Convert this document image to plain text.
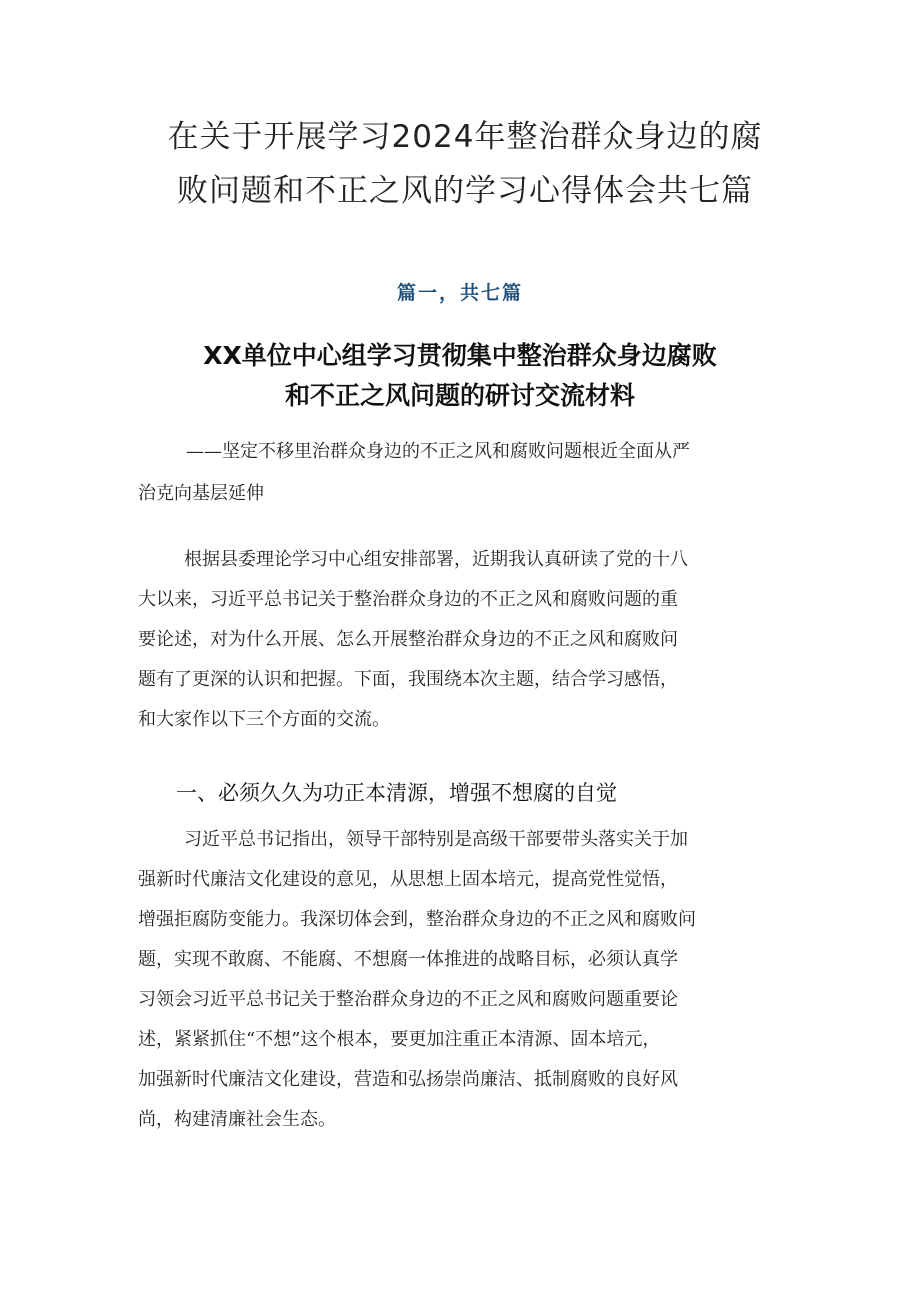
在关于开展学习2024年整治群众身边的腐
败问题和不正之风的学习心得体会共七篇
篇一，共七篇
XX单位中心组学习贯彻集中整治群众身边腐败
和不正之风问题的研讨交流材料
——坚定不移里治群众身边的不正之风和腐败问题根近全面从严
治克向基层延伸
根据县委理论学习中心组安排部署，近期我认真研读了党的十八
大以来，习近平总书记关于整治群众身边的不正之风和腐败问题的重
要论述，对为什么开展、怎么开展整治群众身边的不正之风和腐败问
题有了更深的认识和把握。下面，我围绕本次主题，结合学习感悟，
和大家作以下三个方面的交流。
一、必须久久为功正本清源，增强不想腐的自觉
习近平总书记指出，领导干部特别是高级干部要带头落实关于加
强新时代廉洁文化建设的意见，从思想上固本培元，提高党性觉悟，
增强拒腐防变能力。我深切体会到，整治群众身边的不正之风和腐败问
题，实现不敢腐、不能腐、不想腐一体推进的战略目标，必须认真学
习领会习近平总书记关于整治群众身边的不正之风和腐败问题重要论
述，紧紧抓住“不想”这个根本，要更加注重正本清源、固本培元，
加强新时代廉洁文化建设，营造和弘扬崇尚廉洁、抵制腐败的良好风
尚，构建清廉社会生态。
